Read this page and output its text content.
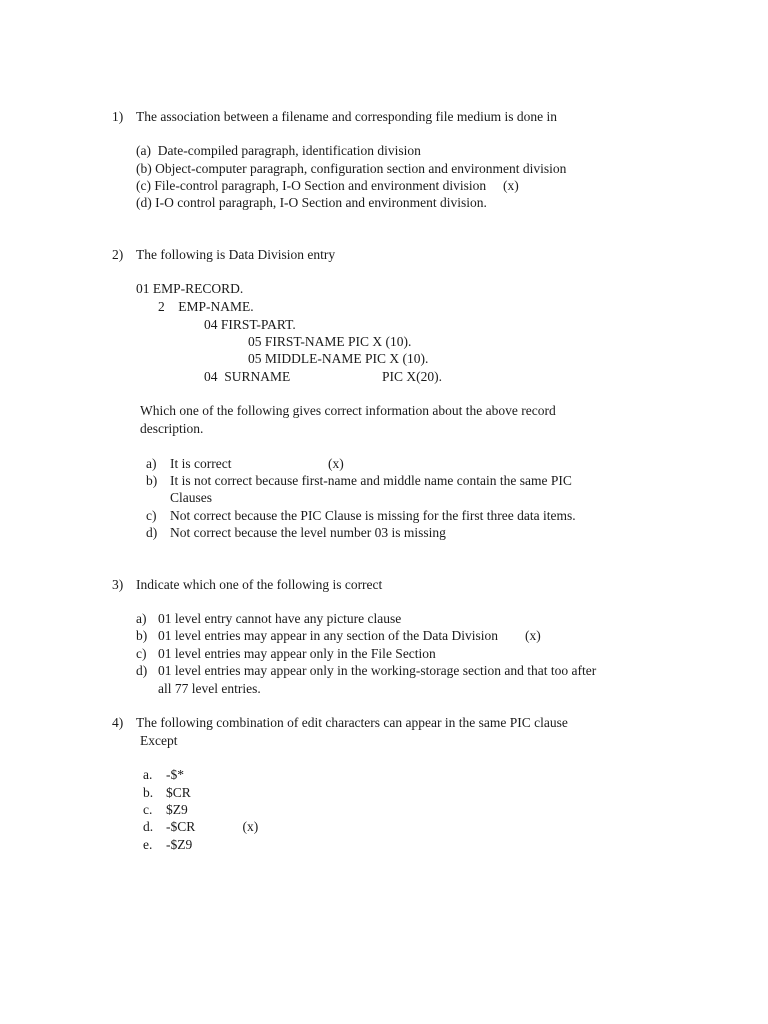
1) The association between a filename and corresponding file medium is done in
(a)  Date-compiled paragraph, identification division
(b) Object-computer paragraph, configuration section and environment division
(c) File-control paragraph, I-O Section and environment division     (x)
(d) I-O control paragraph, I-O Section and environment division.
2) The following is Data Division entry
01 EMP-RECORD.
2    EMP-NAME.
04 FIRST-PART.
05 FIRST-NAME PIC X (10).
05 MIDDLE-NAME PIC X (10).
04  SURNAME	PIC X(20).
Which one of the following gives correct information about the above record
description.
a) It is correct	(x)
b) It is not correct because first-name and middle name contain the same PIC
Clauses
c) Not correct because the PIC Clause is missing for the first three data items.
d) Not correct because the level number 03 is missing
3) Indicate which one of the following is correct
a) 01 level entry cannot have any picture clause
b) 01 level entries may appear in any section of the Data Division        (x)
c) 01 level entries may appear only in the File Section
d) 01 level entries may appear only in the working-storage section and that too after
all 77 level entries.
4) The following combination of edit characters can appear in the same PIC clause
Except
a. -$*
b. $CR
c. $Z9
d. -$CR              (x)
e. -$Z9
